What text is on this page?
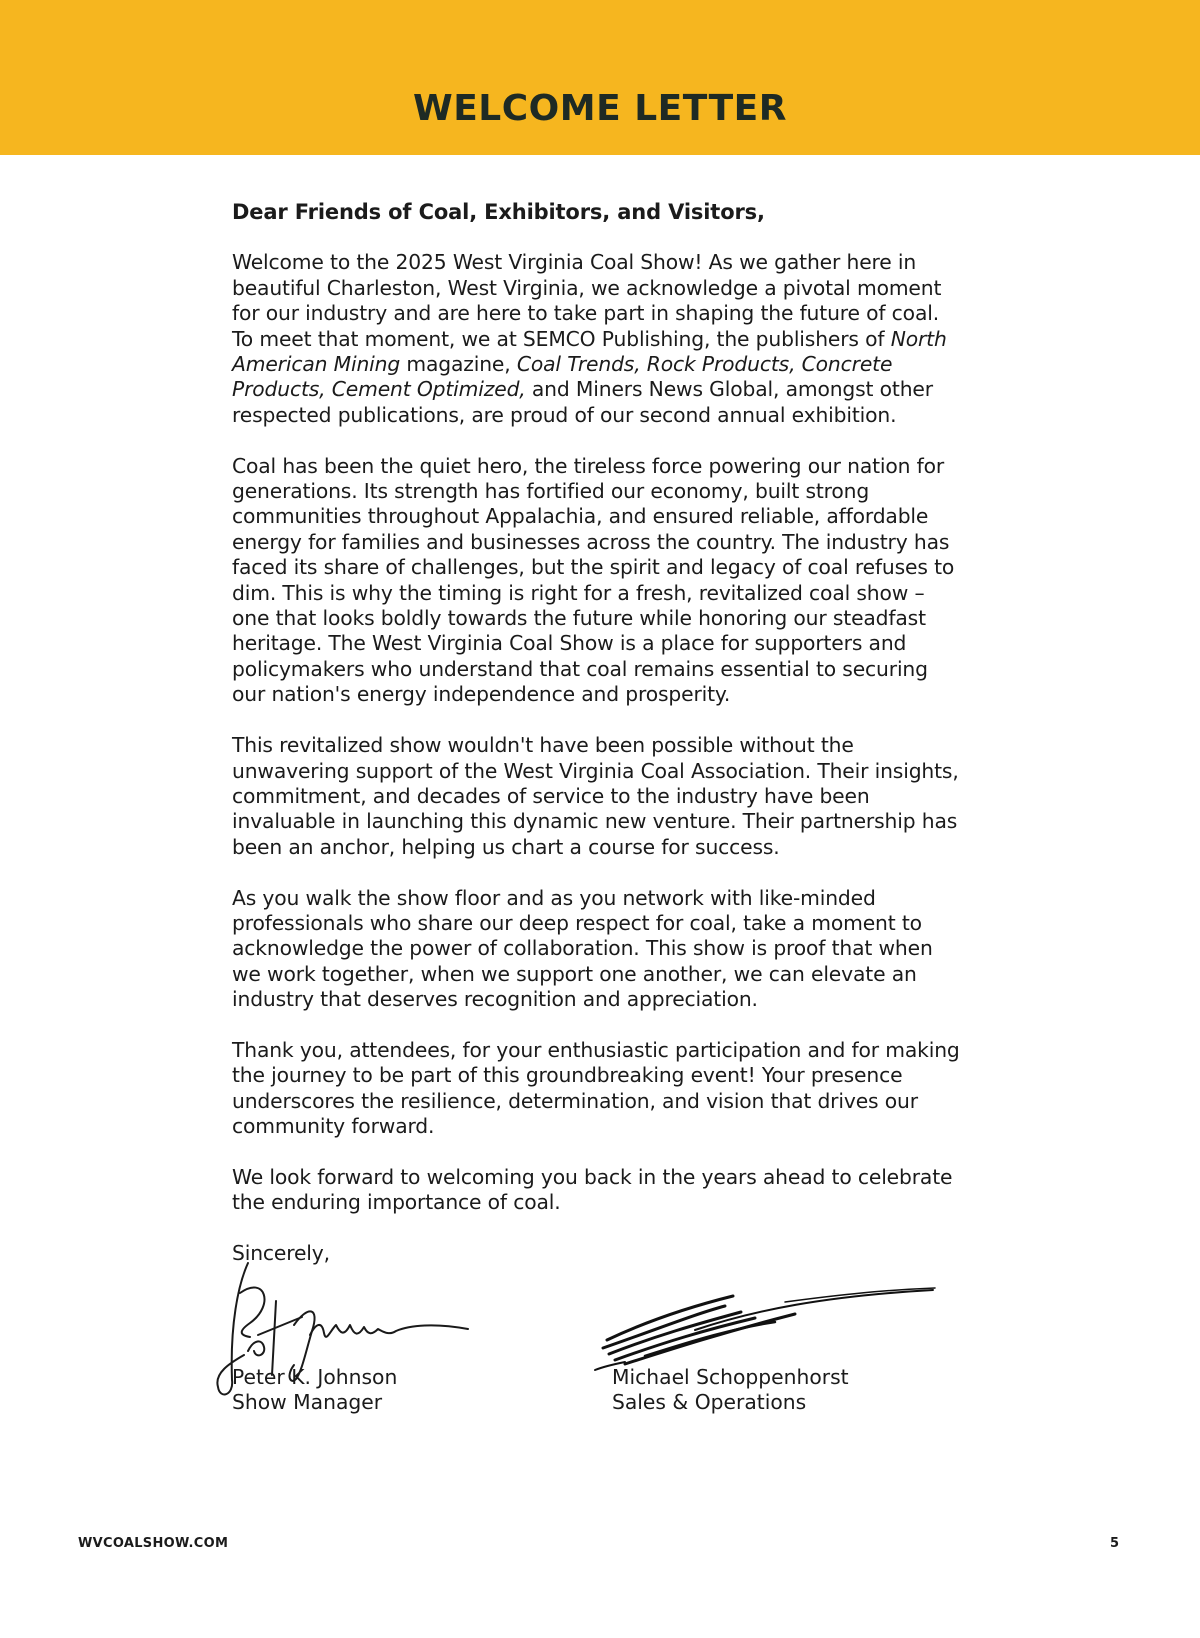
WELCOME LETTER
Dear Friends of Coal, Exhibitors, and Visitors,

Welcome to the 2025 West Virginia Coal Show! As we gather here in beautiful Charleston, West Virginia, we acknowledge a pivotal moment for our industry and are here to take part in shaping the future of coal. To meet that moment, we at SEMCO Publishing, the publishers of North American Mining magazine, Coal Trends, Rock Products, Concrete Products, Cement Optimized, and Miners News Global, amongst other respected publications, are proud of our second annual exhibition.

Coal has been the quiet hero, the tireless force powering our nation for generations. Its strength has fortified our economy, built strong communities throughout Appalachia, and ensured reliable, affordable energy for families and businesses across the country. The industry has faced its share of challenges, but the spirit and legacy of coal refuses to dim. This is why the timing is right for a fresh, revitalized coal show – one that looks boldly towards the future while honoring our steadfast heritage. The West Virginia Coal Show is a place for supporters and policymakers who understand that coal remains essential to securing our nation's energy independence and prosperity.

This revitalized show wouldn't have been possible without the unwavering support of the West Virginia Coal Association. Their insights, commitment, and decades of service to the industry have been invaluable in launching this dynamic new venture. Their partnership has been an anchor, helping us chart a course for success.

As you walk the show floor and as you network with like-minded professionals who share our deep respect for coal, take a moment to acknowledge the power of collaboration. This show is proof that when we work together, when we support one another, we can elevate an industry that deserves recognition and appreciation.

Thank you, attendees, for your enthusiastic participation and for making the journey to be part of this groundbreaking event! Your presence underscores the resilience, determination, and vision that drives our community forward.

We look forward to welcoming you back in the years ahead to celebrate the enduring importance of coal.

Sincerely,

Peter K. Johnson
Show Manager
Michael Schoppenhorst
Sales & Operations
WVCOALSHOW.COM	5
